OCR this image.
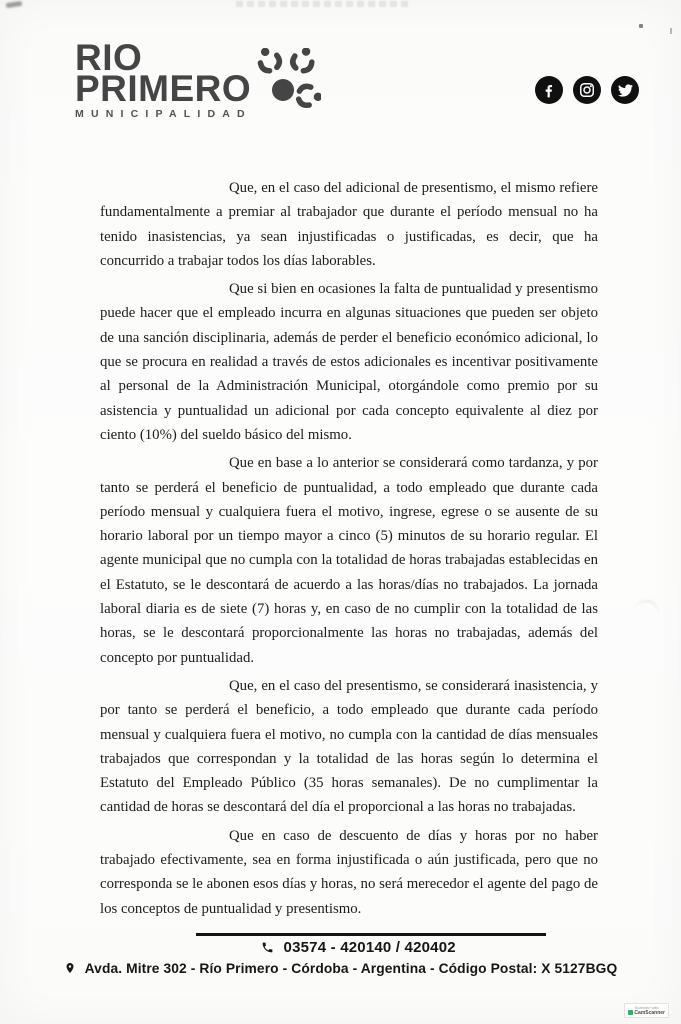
RIO
PRIMERO
MUNICIPALIDAD

Que, en el caso del adicional de presentismo, el mismo refiere fundamentalmente a premiar al trabajador que durante el período mensual no ha tenido inasistencias, ya sean injustificadas o justificadas, es decir, que ha concurrido a trabajar todos los días laborables.

Que si bien en ocasiones la falta de puntualidad y presentismo puede hacer que el empleado incurra en algunas situaciones que pueden ser objeto de una sanción disciplinaria, además de perder el beneficio económico adicional, lo que se procura en realidad a través de estos adicionales es incentivar positivamente al personal de la Administración Municipal, otorgándole como premio por su asistencia y puntualidad un adicional por cada concepto equivalente al diez por ciento (10%) del sueldo básico del mismo.

Que en base a lo anterior se considerará como tardanza, y por tanto se perderá el beneficio de puntualidad, a todo empleado que durante cada período mensual y cualquiera fuera el motivo, ingrese, egrese o se ausente de su horario laboral por un tiempo mayor a cinco (5) minutos de su horario regular. El agente municipal que no cumpla con la totalidad de horas trabajadas establecidas en el Estatuto, se le descontará de acuerdo a las horas/días no trabajados. La jornada laboral diaria es de siete (7) horas y, en caso de no cumplir con la totalidad de las horas, se le descontará proporcionalmente las horas no trabajadas, además del concepto por puntualidad.

Que, en el caso del presentismo, se considerará inasistencia, y por tanto se perderá el beneficio, a todo empleado que durante cada período mensual y cualquiera fuera el motivo, no cumpla con la cantidad de días mensuales trabajados que correspondan y la totalidad de las horas según lo determina el Estatuto del Empleado Público (35 horas semanales). De no cumplimentar la cantidad de horas se descontará del día el proporcional a las horas no trabajadas.

Que en caso de descuento de días y horas por no haber trabajado efectivamente, sea en forma injustificada o aún justificada, pero que no corresponda se le abonen esos días y horas, no será merecedor el agente del pago de los conceptos de puntualidad y presentismo.

03574 - 420140 / 420402
Avda. Mitre 302 - Río Primero - Córdoba - Argentina - Código Postal: X 5127BGQ
Scanned with
CamScanner
